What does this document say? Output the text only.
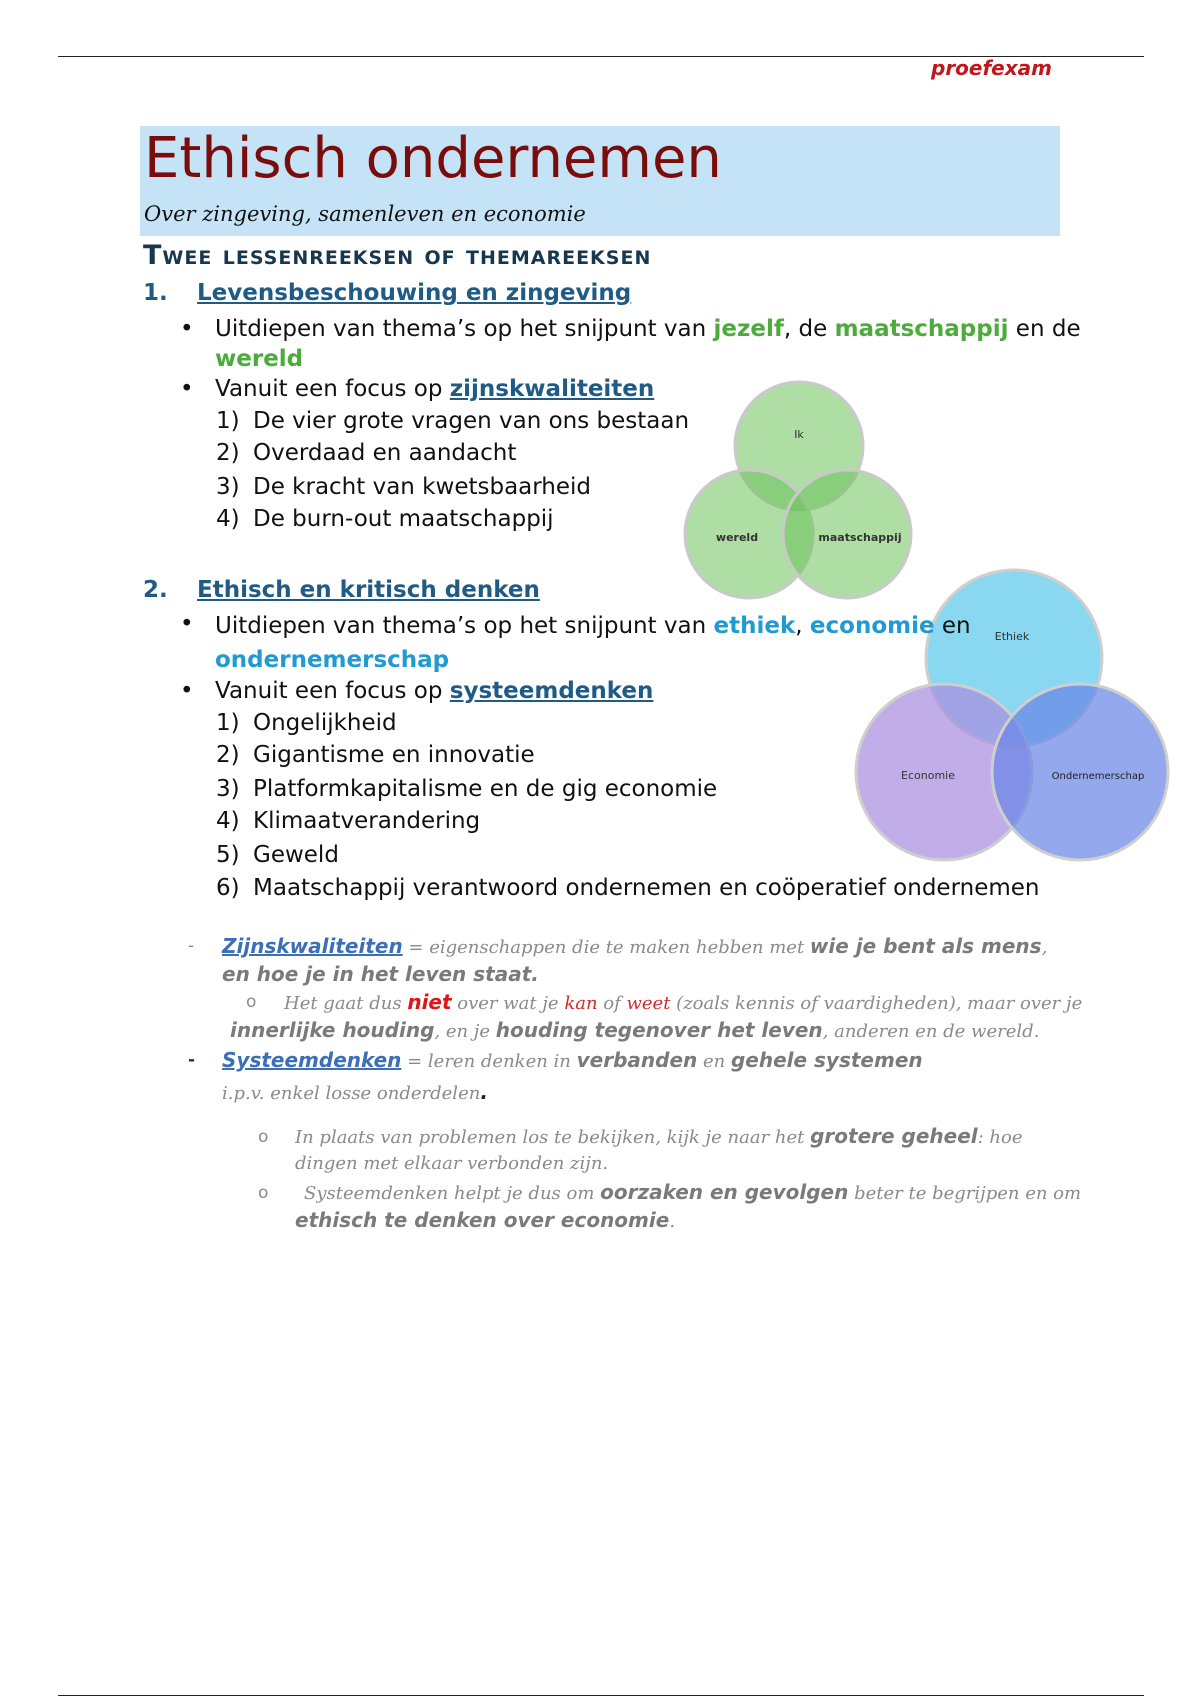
proefexam
Ethisch ondernemen
Over zingeving, samenleven en economie
Twee lessenreeksen of themareeksen
1. Levensbeschouwing en zingeving
• Uitdiepen van thema’s op het snijpunt van jezelf, de maatschappij en de
wereld
• Vanuit een focus op zijnskwaliteiten
1) De vier grote vragen van ons bestaan
2) Overdaad en aandacht
3) De kracht van kwetsbaarheid
4) De burn-out maatschappij
Ik
wereld	maatschappij
2. Ethisch en kritisch denken
Ethiek
Economie	Ondernemerschap
• Uitdiepen van thema’s op het snijpunt van ethiek, economie en
ondernemerschap
• Vanuit een focus op systeemdenken
1) Ongelijkheid
2) Gigantisme en innovatie
3) Platformkapitalisme en de gig economie
4) Klimaatverandering
5) Geweld
6) Maatschappij verantwoord ondernemen en coöperatief ondernemen
- Zijnskwaliteiten = eigenschappen die te maken hebben met wie je bent als mens,
en hoe je in het leven staat.
o Het gaat dus niet over wat je kan of weet (zoals kennis of vaardigheden), maar over je
innerlijke houding, en je houding tegenover het leven, anderen en de wereld.
- Systeemdenken = leren denken in verbanden en gehele systemen
i.p.v. enkel losse onderdelen.
o In plaats van problemen los te bekijken, kijk je naar het grotere geheel: hoe
dingen met elkaar verbonden zijn.
o Systeemdenken helpt je dus om oorzaken en gevolgen beter te begrijpen en om
ethisch te denken over economie.
